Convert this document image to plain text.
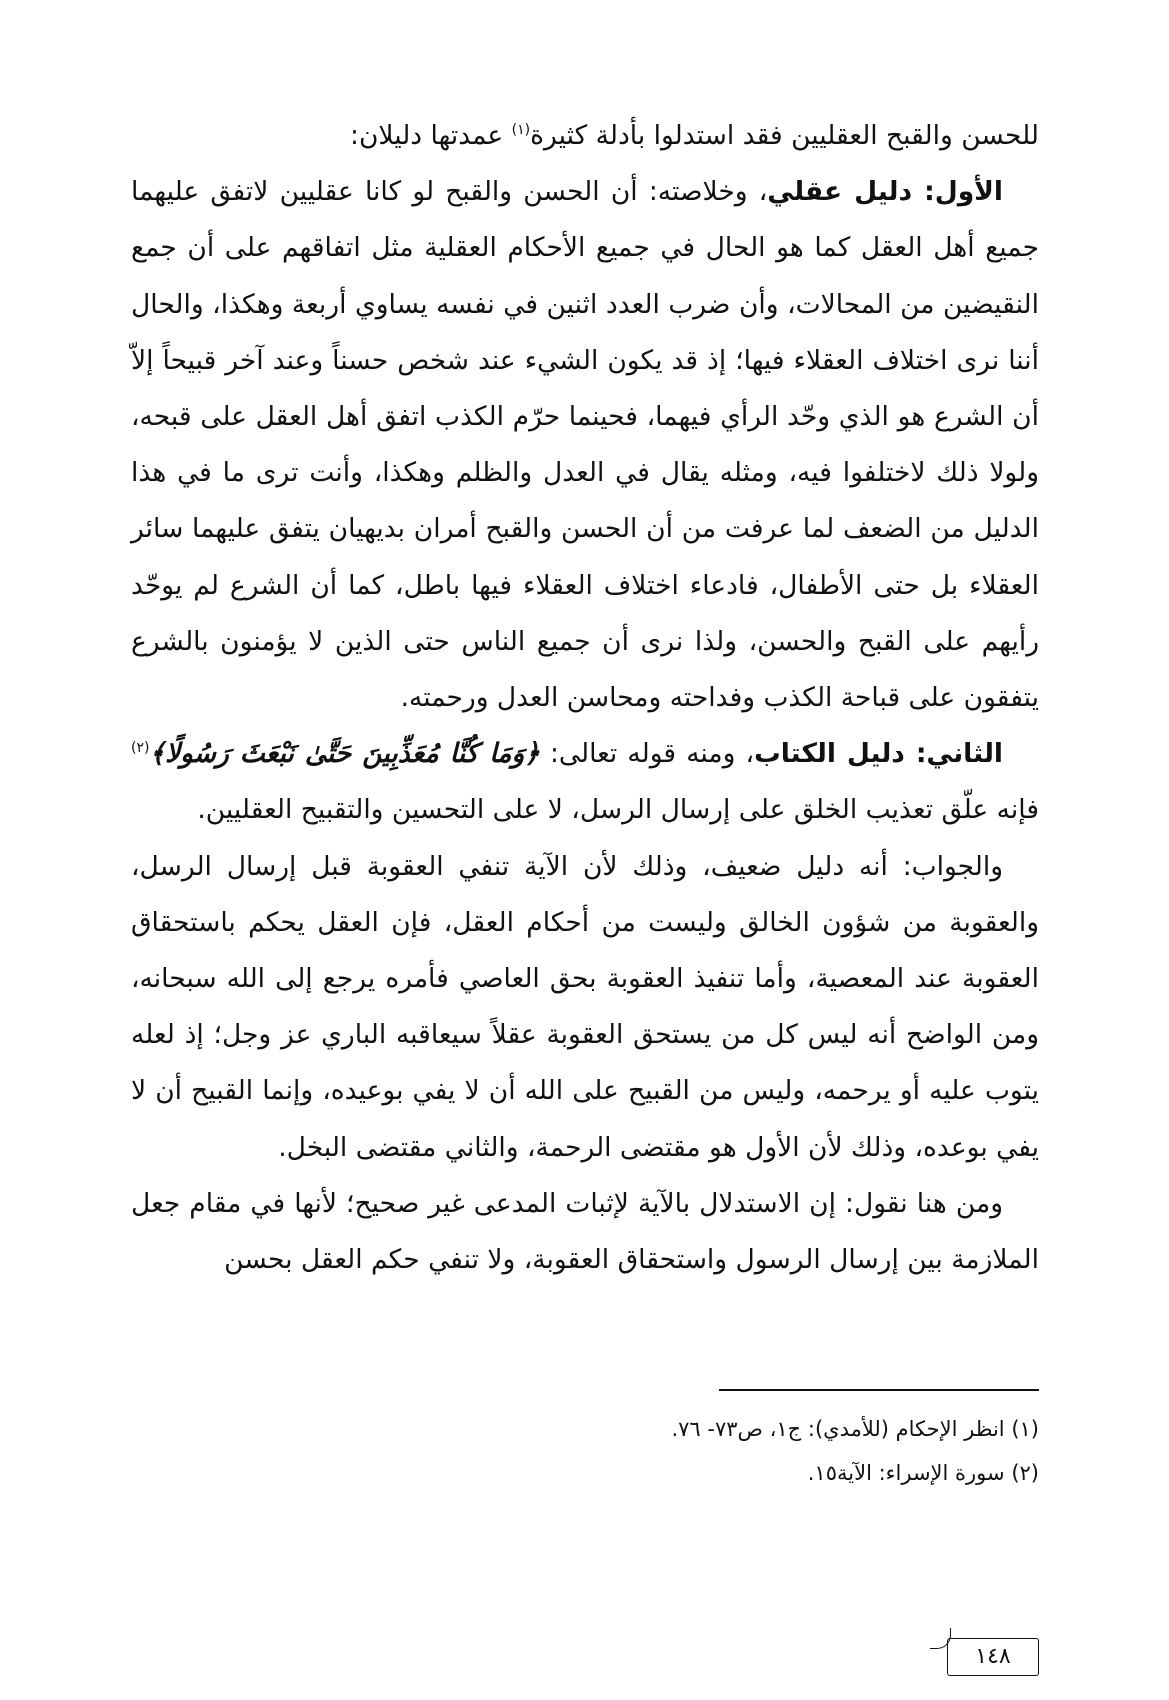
للحسن والقبح العقليين فقد استدلوا بأدلة كثيرة$^{(١)}$ عمدتها دليلان:

الأول: دليل عقلي، وخلاصته: أن الحسن والقبح لو كانا عقليين لاتفق عليهما جميع أهل العقل كما هو الحال في جميع الأحكام العقلية مثل اتفاقهم على أن جمع النقيضين من المحالات، وأن ضرب العدد اثنين في نفسه يساوي أربعة وهكذا، والحال أننا نرى اختلاف العقلاء فيها؛ إذ قد يكون الشيء عند شخص حسناً وعند آخر قبيحاً إلاّ أن الشرع هو الذي وحّد الرأي فيهما، فحينما حرّم الكذب اتفق أهل العقل على قبحه، ولولا ذلك لاختلفوا فيه، ومثله يقال في العدل والظلم وهكذا، وأنت ترى ما في هذا الدليل من الضعف لما عرفت من أن الحسن والقبح أمران بديهيان يتفق عليهما سائر العقلاء بل حتى الأطفال، فادعاء اختلاف العقلاء فيها باطل، كما أن الشرع لم يوحّد رأيهم على القبح والحسن، ولذا نرى أن جميع الناس حتى الذين لا يؤمنون بالشرع يتفقون على قباحة الكذب وفداحته ومحاسن العدل ورحمته.

الثاني: دليل الكتاب، ومنه قوله تعالى: ﴿وَمَا كُنَّا مُعَذِّبِينَ حَتَّىٰ نَبْعَثَ رَسُولًا﴾$^{(٢)}$ فإنه علّق تعذيب الخلق على إرسال الرسل، لا على التحسين والتقبيح العقليين.

والجواب: أنه دليل ضعيف، وذلك لأن الآية تنفي العقوبة قبل إرسال الرسل، والعقوبة من شؤون الخالق وليست من أحكام العقل، فإن العقل يحكم باستحقاق العقوبة عند المعصية، وأما تنفيذ العقوبة بحق العاصي فأمره يرجع إلى الله سبحانه، ومن الواضح أنه ليس كل من يستحق العقوبة عقلاً سيعاقبه الباري عز وجل؛ إذ لعله يتوب عليه أو يرحمه، وليس من القبيح على الله أن لا يفي بوعيده، وإنما القبيح أن لا يفي بوعده، وذلك لأن الأول هو مقتضى الرحمة، والثاني مقتضى البخل.

ومن هنا نقول: إن الاستدلال بالآية لإثبات المدعى غير صحيح؛ لأنها في مقام جعل الملازمة بين إرسال الرسول واستحقاق العقوبة، ولا تنفي حكم العقل بحسن

(١) انظر الإحكام (للأمدي): ج١، ص٧٣- ٧٦.
(٢) سورة الإسراء: الآية١٥.
١٤٨
